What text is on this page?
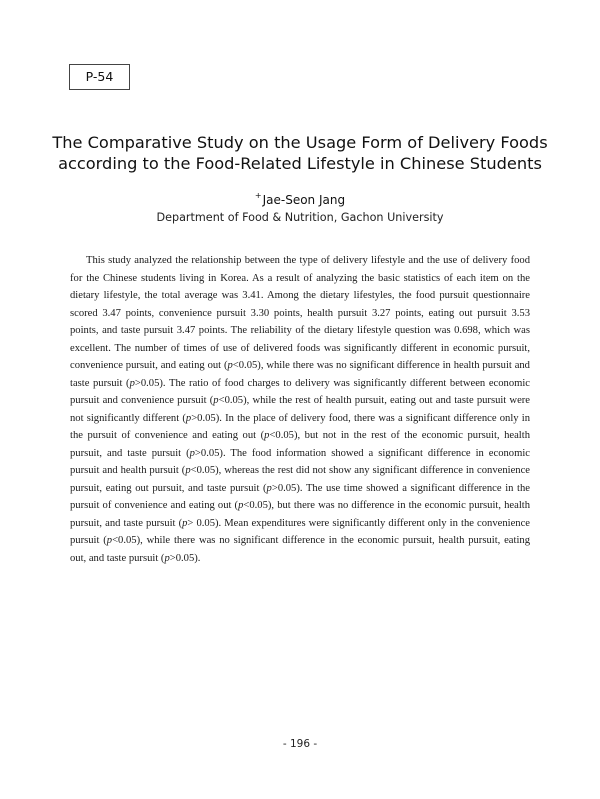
P-54
The Comparative Study on the Usage Form of Delivery Foods
according to the Food-Related Lifestyle in Chinese Students
+Jae-Seon Jang
Department of Food & Nutrition, Gachon University

This study analyzed the relationship between the type of delivery lifestyle and the use of delivery food for the Chinese students living in Korea. As a result of analyzing the basic statistics of each item on the dietary lifestyle, the total average was 3.41. Among the dietary lifestyles, the food pursuit questionnaire scored 3.47 points, convenience pursuit 3.30 points, health pursuit 3.27 points, eating out pursuit 3.53 points, and taste pursuit 3.47 points. The reliability of the dietary lifestyle question was 0.698, which was excellent. The number of times of use of delivered foods was significantly different in economic pursuit, convenience pursuit, and eating out (p<0.05), while there was no significant difference in health pursuit and taste pursuit (p>0.05). The ratio of food charges to delivery was significantly different between economic pursuit and convenience pursuit (p<0.05), while the rest of health pursuit, eating out and taste pursuit were not significantly different (p>0.05). In the place of delivery food, there was a significant difference only in the pursuit of convenience and eating out (p<0.05), but not in the rest of the economic pursuit, health pursuit, and taste pursuit (p>0.05). The food information showed a significant difference in economic pursuit and health pursuit (p<0.05), whereas the rest did not show any significant difference in convenience pursuit, eating out pursuit, and taste pursuit (p>0.05). The use time showed a significant difference in the pursuit of convenience and eating out (p<0.05), but there was no difference in the economic pursuit, health pursuit, and taste pursuit (p> 0.05). Mean expenditures were significantly different only in the convenience pursuit (p<0.05), while there was no significant difference in the economic pursuit, health pursuit, eating out, and taste pursuit (p>0.05).

- 196 -
